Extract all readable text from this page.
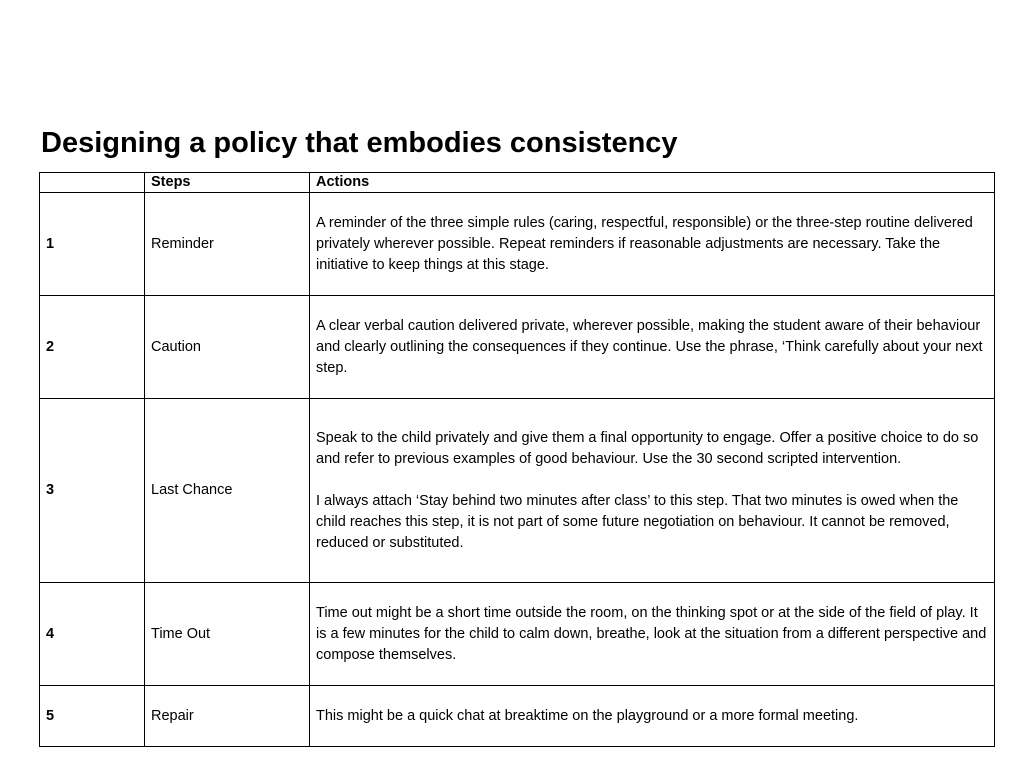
Designing a policy that embodies consistency
	Steps	Actions
1	Reminder	A reminder of the three simple rules (caring, respectful, responsible) or the three-step routine delivered privately wherever possible. Repeat reminders if reasonable adjustments are necessary. Take the initiative to keep things at this stage.

2	Caution	A clear verbal caution delivered private, wherever possible, making the student aware of their behaviour and clearly outlining the consequences if they continue. Use the phrase, ‘Think carefully about your next step.

3	Last Chance	Speak to the child privately and give them a final opportunity to engage. Offer a positive choice to do so and refer to previous examples of good behaviour. Use the 30 second scripted intervention.

I always attach ‘Stay behind two minutes after class’ to this step. That two minutes is owed when the child reaches this step, it is not part of some future negotiation on behaviour. It cannot be removed, reduced or substituted.

4	Time Out	Time out might be a short time outside the room, on the thinking spot or at the side of the field of play. It is a few minutes for the child to calm down, breathe, look at the situation from a different perspective and compose themselves.

5	Repair	This might be a quick chat at breaktime on the playground or a more formal meeting.
